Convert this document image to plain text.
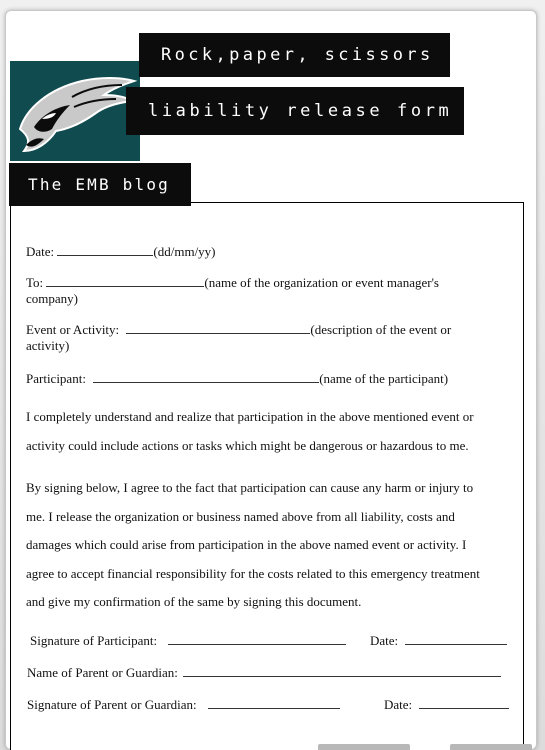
Rock,paper, scissors
liability release form
The EMB blog
Date:	(dd/mm/yy)
To:	(name of the organization or event manager's
company)
Event or Activity:	(description of the event or
activity)
Participant:	(name of the participant)
I completely understand and realize that participation in the above mentioned event or
activity could include actions or tasks which might be dangerous or hazardous to me.
By signing below, I agree to the fact that participation can cause any harm or injury to
me. I release the organization or business named above from all liability, costs and
damages which could arise from participation in the above named event or activity. I
agree to accept financial responsibility for the costs related to this emergency treatment
and give my confirmation of the same by signing this document.
Signature of Participant:	Date:
Name of Parent or Guardian:
Signature of Parent or Guardian:	Date:
